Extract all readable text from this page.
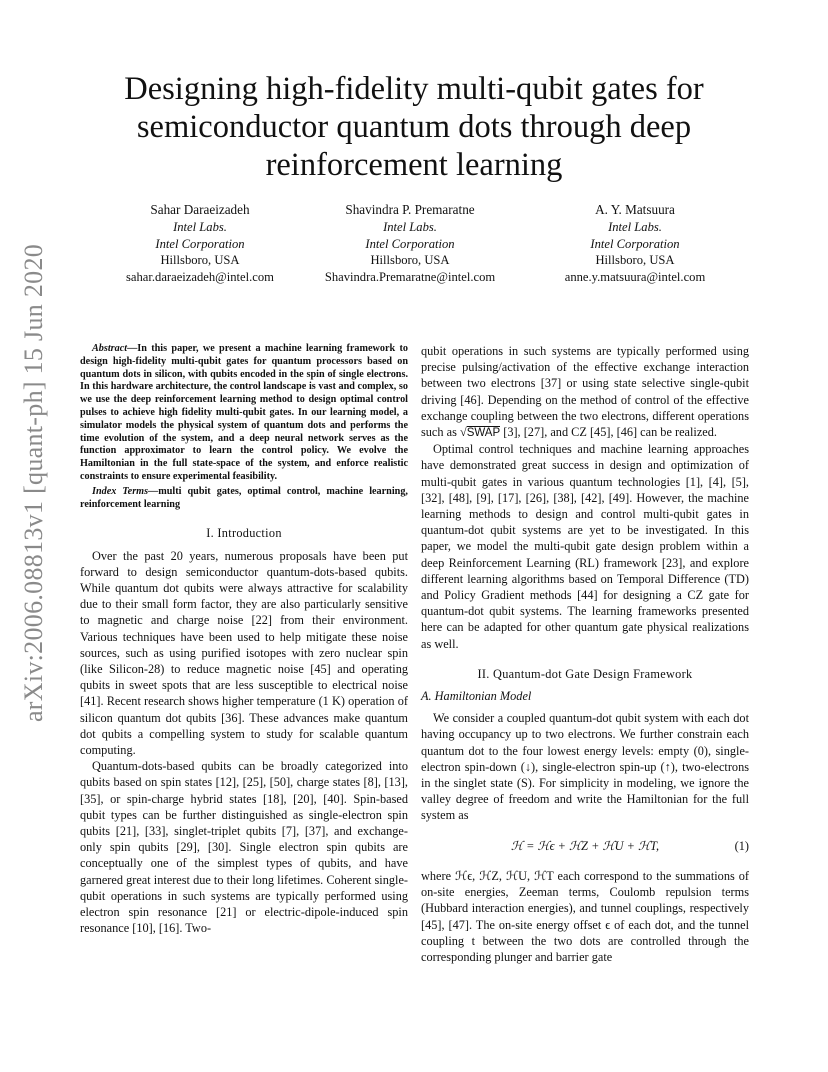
arXiv:2006.08813v1 [quant-ph] 15 Jun 2020
Designing high-fidelity multi-qubit gates for
semiconductor quantum dots through deep
reinforcement learning
Sahar Daraeizadeh
Intel Labs.
Intel Corporation
Hillsboro, USA
sahar.daraeizadeh@intel.com
Shavindra P. Premaratne
Intel Labs.
Intel Corporation
Hillsboro, USA
Shavindra.Premaratne@intel.com
A. Y. Matsuura
Intel Labs.
Intel Corporation
Hillsboro, USA
anne.y.matsuura@intel.com

Abstract—In this paper, we present a machine learning framework to design high-fidelity multi-qubit gates for quantum processors based on quantum dots in silicon, with qubits encoded in the spin of single electrons. In this hardware architecture, the control landscape is vast and complex, so we use the deep reinforcement learning method to design optimal control pulses to achieve high fidelity multi-qubit gates. In our learning model, a simulator models the physical system of quantum dots and performs the time evolution of the system, and a deep neural network serves as the function approximator to learn the control policy. We evolve the Hamiltonian in the full state-space of the system, and enforce realistic constraints to ensure experimental feasibility.

Index Terms—multi qubit gates, optimal control, machine learning, reinforcement learning

I. Introduction

Over the past 20 years, numerous proposals have been put forward to design semiconductor quantum-dots-based qubits. While quantum dot qubits were always attractive for scalability due to their small form factor, they are also particularly sensitive to magnetic and charge noise [22] from their environment. Various techniques have been used to help mitigate these noise sources, such as using purified isotopes with zero nuclear spin (like Silicon-28) to reduce magnetic noise [45] and operating qubits in sweet spots that are less susceptible to electrical noise [41]. Recent research shows higher temperature (1 K) operation of silicon quantum dot qubits [36]. These advances make quantum dot qubits a compelling system to study for scalable quantum computing.

Quantum-dots-based qubits can be broadly categorized into qubits based on spin states [12], [25], [50], charge states [8], [13], [35], or spin-charge hybrid states [18], [20], [40]. Spin-based qubit types can be further distinguished as single-electron spin qubits [21], [33], singlet-triplet qubits [7], [37], and exchange-only spin qubits [29], [30]. Single electron spin qubits are conceptually one of the simplest types of qubits, and have garnered great interest due to their long lifetimes. Coherent single-qubit operations in such systems are typically performed using electron spin resonance [21] or electric-dipole-induced spin resonance [10], [16]. Two-

qubit operations in such systems are typically performed using precise pulsing/activation of the effective exchange interaction between two electrons [37] or using state selective single-qubit driving [46]. Depending on the method of control of the effective exchange coupling between the two electrons, different operations such as √SWAP [3], [27], and CZ [45], [46] can be realized.

Optimal control techniques and machine learning approaches have demonstrated great success in design and optimization of multi-qubit gates in various quantum technologies [1], [4], [5], [32], [48], [9], [17], [26], [38], [42], [49]. However, the machine learning methods to design and control multi-qubit gates in quantum-dot qubit systems are yet to be investigated. In this paper, we model the multi-qubit gate design problem within a deep Reinforcement Learning (RL) framework [23], and explore different learning algorithms based on Temporal Difference (TD) and Policy Gradient methods [44] for designing a CZ gate for quantum-dot qubit systems. The learning frameworks presented here can be adapted for other quantum gate physical realizations as well.

II. Quantum-dot Gate Design Framework
A. Hamiltonian Model

We consider a coupled quantum-dot qubit system with each dot having occupancy up to two electrons. We further constrain each quantum dot to the four lowest energy levels: empty (0), single-electron spin-down (↓), single-electron spin-up (↑), two-electrons in the singlet state (S). For simplicity in modeling, we ignore the valley degree of freedom and write the Hamiltonian for the full system as

ℋ = ℋϵ + ℋZ + ℋU + ℋT,	(1)

where ℋϵ, ℋZ, ℋU, ℋT each correspond to the summations of on-site energies, Zeeman terms, Coulomb repulsion terms (Hubbard interaction energies), and tunnel couplings, respectively [45], [47]. The on-site energy offset ϵ of each dot, and the tunnel coupling t between the two dots are controlled through the corresponding plunger and barrier gate
